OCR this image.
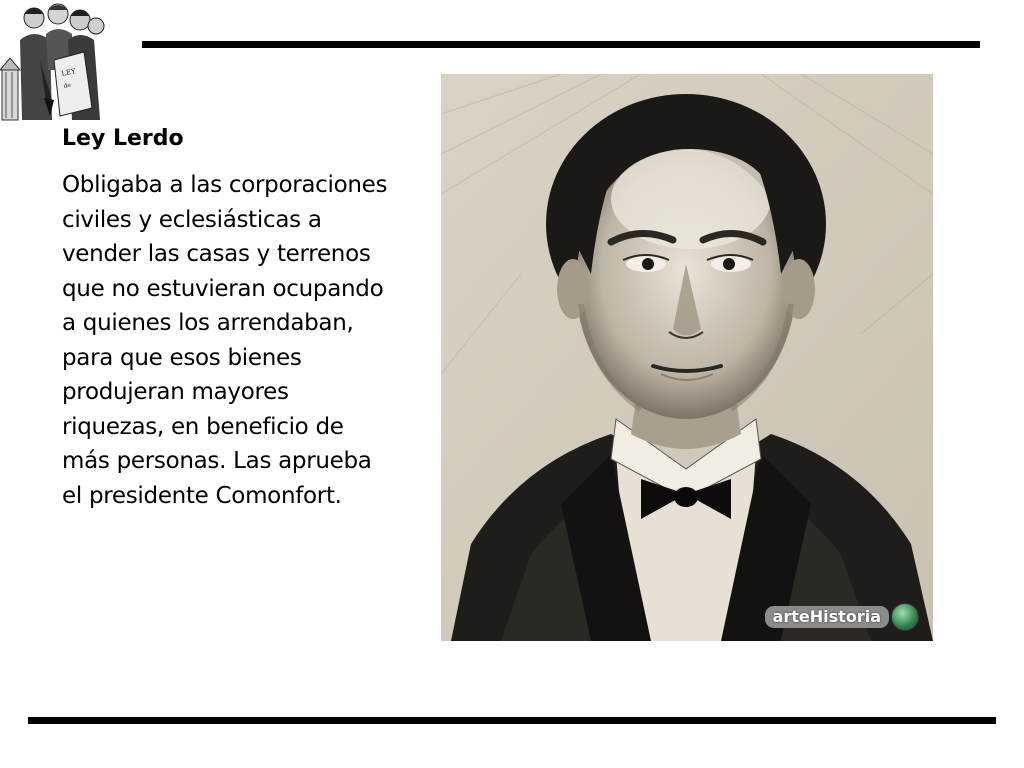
LEY
de
Ley Lerdo
Obligaba a las corporaciones civiles y eclesiásticas a vender las casas y terrenos que no estuvieran ocupando a quienes los arrendaban, para que esos bienes produjeran mayores riquezas, en beneficio de más personas. Las aprueba el presidente Comonfort.
arteHistoria
